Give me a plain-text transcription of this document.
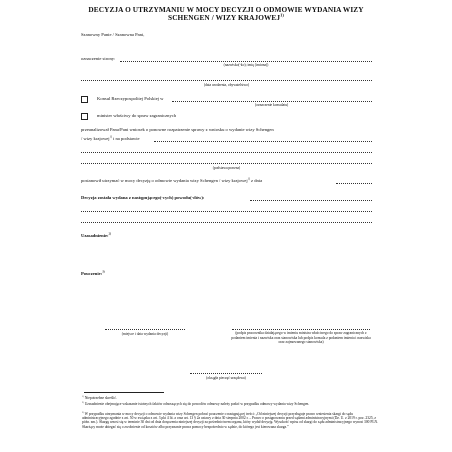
DECYZJA O UTRZYMANIU W MOCY DECYZJI O ODMOWIE WYDANIA WIZY
SCHENGEN / WIZY KRAJOWEJ$^{1)}$
Szanowny Panie / Szanowna Pani,
oznaczenie strony:
(nazwisko(-ko); imię (imiona))
(data urodzenia, obywatelstwo)
Konsul Rzeczypospolitej Polskiej w
(oznaczenie konsulatu)
minister właściwy do spraw zagranicznych
przeanalizował Pana/Pani wniosek o ponowne rozpatrzenie sprawy z wniosku o wydanie wizy Schengen
/ wizy krajowej$^{1)}$ i na podstawie
(podstawa prawna)
postanowił utrzymać w mocy decyzję o odmowie wydania wizy Schengen / wizy krajowej$^{1)}$ z dnia
Decyzja została wydana z następującego(-cych) powodu(-dów):
Uzasadnienie:$^{2)}$
Pouczenie:$^{3)}$
(miejsce i data wydania decyzji)	(podpis pracownika działającego w imieniu ministra właściwego do spraw zagranicznych z podaniem imienia i nazwiska oraz stanowiska lub podpis konsula z podaniem imienia i nazwiska oraz zajmowanego stanowiska)
(okrągła pieczęć urzędowa)
$^{1)}$ Niepotrzebne skreślić.
$^{2)}$ Uzasadnienie obejmujące wskazanie istotnych faktów odnoszących się do powodów odmowy należy podać w przypadku odmowy wydania wizy Schengen.
$^{3)}$ W przypadku utrzymania w mocy decyzji o odmowie wydania wizy Schengen pobrać pouczenie o następującej treści: „Od niniejszej decyzji przysługuje prawo wniesienia skargi do sądu administracyjnego zgodnie z art. 50 w związku z art. 3 pkt 4 lit. a oraz art. 13 § 2a ustawy z dnia 30 sierpnia 2002 r. – Prawo o postępowaniu przed sądami administracyjnymi (Dz. U. z 2019 r. poz. 2325, z późn. zm.). Skargę wnosi się w terminie 30 dni od dnia doręczenia niniejszej decyzji za pośrednictwem organu, który wydał decyzję. Wysokość wpisu od skargi do sądu administracyjnego wynosi 300 PLN. Skarżący może ubiegać się o zwolnienie od kosztów albo przyznanie prawa pomocy bezpośrednio w sądzie, do którego jest kierowana skarga.”
